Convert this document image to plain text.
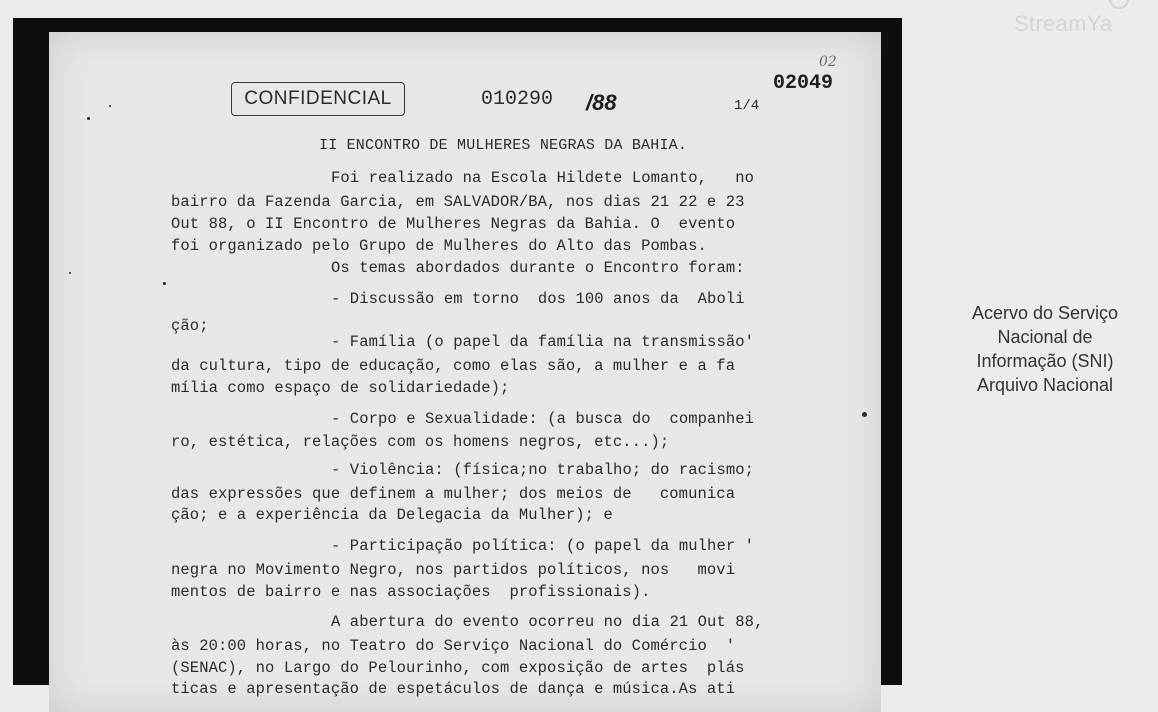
StreamYa
02
02049
CONFIDENCIAL	010290 /88	1/4
II ENCONTRO DE MULHERES NEGRAS DA BAHIA.
Foi realizado na Escola Hildete Lomanto,   no
bairro da Fazenda Garcia, em SALVADOR/BA, nos dias 21 22 e 23
Out 88, o II Encontro de Mulheres Negras da Bahia. O  evento
foi organizado pelo Grupo de Mulheres do Alto das Pombas.
Os temas abordados durante o Encontro foram:
- Discussão em torno  dos 100 anos da  Aboli
ção;
- Família (o papel da família na transmissão'
da cultura, tipo de educação, como elas são, a mulher e a fa
mília como espaço de solidariedade);
- Corpo e Sexualidade: (a busca do  companhei
ro, estética, relações com os homens negros, etc...);
- Violência: (física;no trabalho; do racismo;
das expressões que definem a mulher; dos meios de   comunica
ção; e a experiência da Delegacia da Mulher); e
- Participação política: (o papel da mulher '
negra no Movimento Negro, nos partidos políticos, nos   movi
mentos de bairro e nas associações  profissionais).
A abertura do evento ocorreu no dia 21 Out 88,
às 20:00 horas, no Teatro do Serviço Nacional do Comércio  '
(SENAC), no Largo do Pelourinho, com exposição de artes  plás
ticas e apresentação de espetáculos de dança e música.As ati
Acervo do Serviço
Nacional de
Informação (SNI)
Arquivo Nacional
